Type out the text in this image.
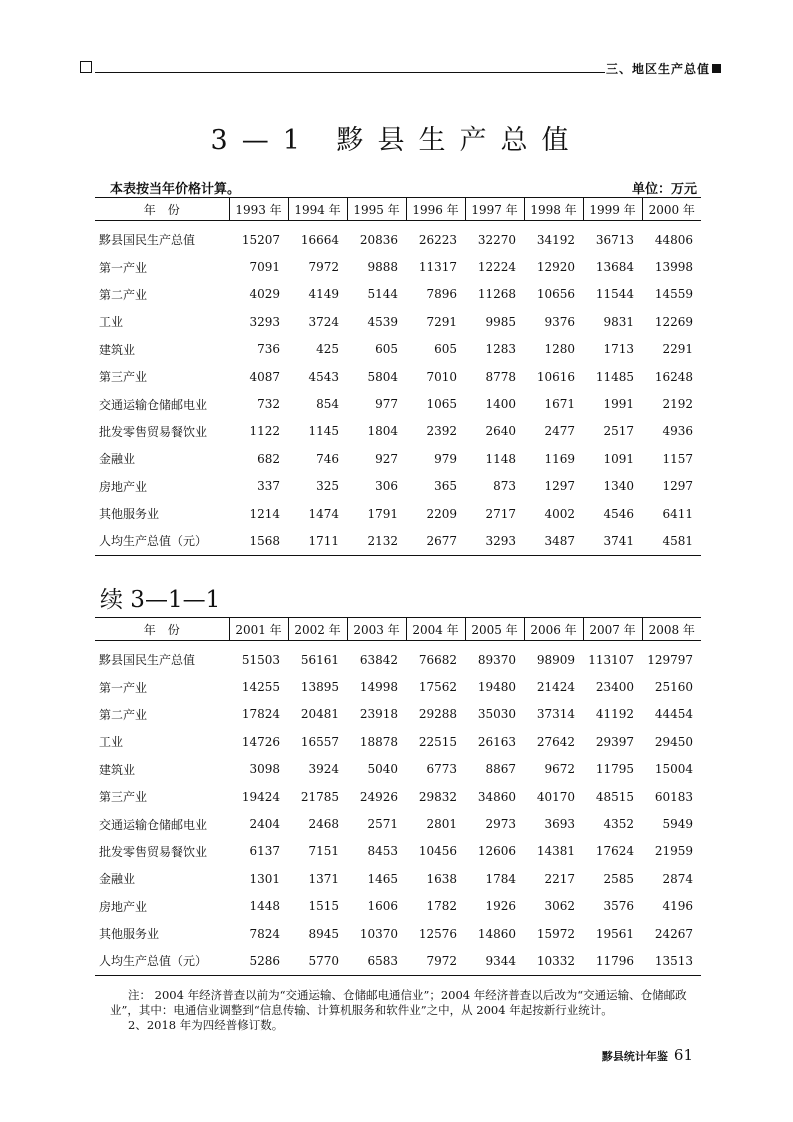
三、地区生产总值
3—1 黟县生产总值
本表按当年价格计算。	单位：万元
年　份	1993 年	1994 年	1995 年	1996 年	1997 年	1998 年	1999 年	2000 年
黟县国民生产总值	15207	16664	20836	26223	32270	34192	36713	44806
第一产业	7091	7972	9888	11317	12224	12920	13684	13998
第二产业	4029	4149	5144	7896	11268	10656	11544	14559
工业	3293	3724	4539	7291	9985	9376	9831	12269
建筑业	736	425	605	605	1283	1280	1713	2291
第三产业	4087	4543	5804	7010	8778	10616	11485	16248
交通运输仓储邮电业	732	854	977	1065	1400	1671	1991	2192
批发零售贸易餐饮业	1122	1145	1804	2392	2640	2477	2517	4936
金融业	682	746	927	979	1148	1169	1091	1157
房地产业	337	325	306	365	873	1297	1340	1297
其他服务业	1214	1474	1791	2209	2717	4002	4546	6411
人均生产总值（元）	1568	1711	2132	2677	3293	3487	3741	4581
续 3—1—1
年　份	2001 年	2002 年	2003 年	2004 年	2005 年	2006 年	2007 年	2008 年
黟县国民生产总值	51503	56161	63842	76682	89370	98909	113107	129797
第一产业	14255	13895	14998	17562	19480	21424	23400	25160
第二产业	17824	20481	23918	29288	35030	37314	41192	44454
工业	14726	16557	18878	22515	26163	27642	29397	29450
建筑业	3098	3924	5040	6773	8867	9672	11795	15004
第三产业	19424	21785	24926	29832	34860	40170	48515	60183
交通运输仓储邮电业	2404	2468	2571	2801	2973	3693	4352	5949
批发零售贸易餐饮业	6137	7151	8453	10456	12606	14381	17624	21959
金融业	1301	1371	1465	1638	1784	2217	2585	2874
房地产业	1448	1515	1606	1782	1926	3062	3576	4196
其他服务业	7824	8945	10370	12576	14860	15972	19561	24267
人均生产总值（元）	5286	5770	6583	7972	9344	10332	11796	13513

注： 2004 年经济普查以前为“交通运输、仓储邮电通信业”；2004 年经济普查以后改为“交通运输、仓储邮政

业”，其中：电通信业调整到“信息传输、计算机服务和软件业”之中，从 2004 年起按新行业统计。

2、2018 年为四经普修订数。

黟县统计年鉴 61
